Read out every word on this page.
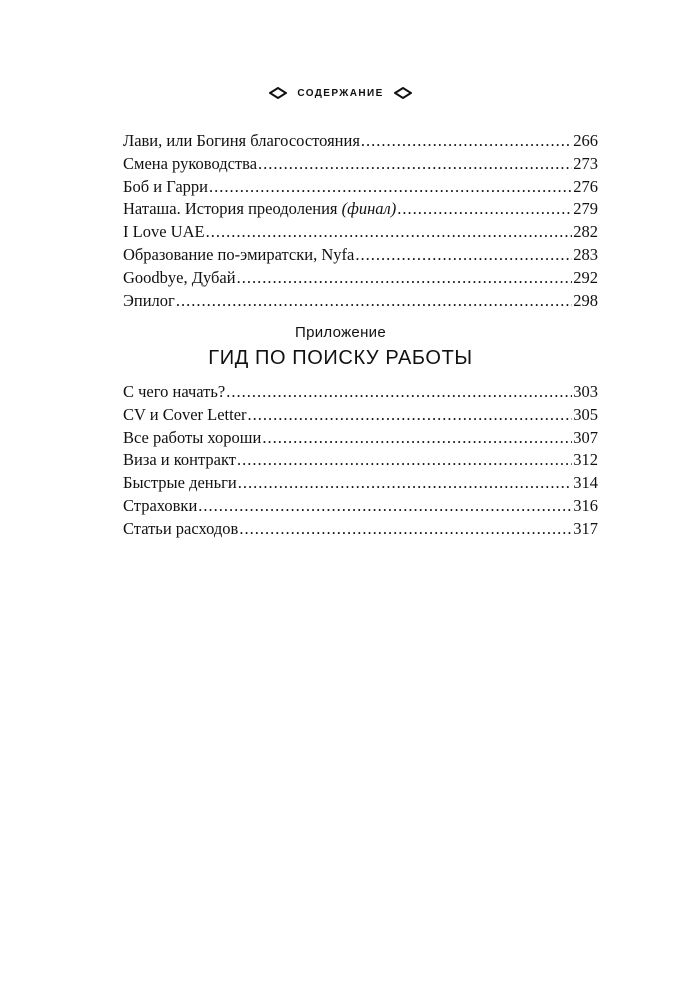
СОДЕРЖАНИЕ
Лави, или Богиня благосостояния .....	266
Смена руководства .....	273
Боб и Гарри .....	276
Наташа. История преодоления (финал) .....	279
I Love UAE .....	282
Образование по-эмиратски, Nyfa .....	283
Goodbye, Дубай .....	292
Эпилог .....	298
Приложение
ГИД ПО ПОИСКУ РАБОТЫ
С чего начать? .....	303
CV и Cover Letter .....	305
Все работы хороши .....	307
Виза и контракт .....	312
Быстрые деньги .....	314
Страховки .....	316
Статьи расходов .....	317
